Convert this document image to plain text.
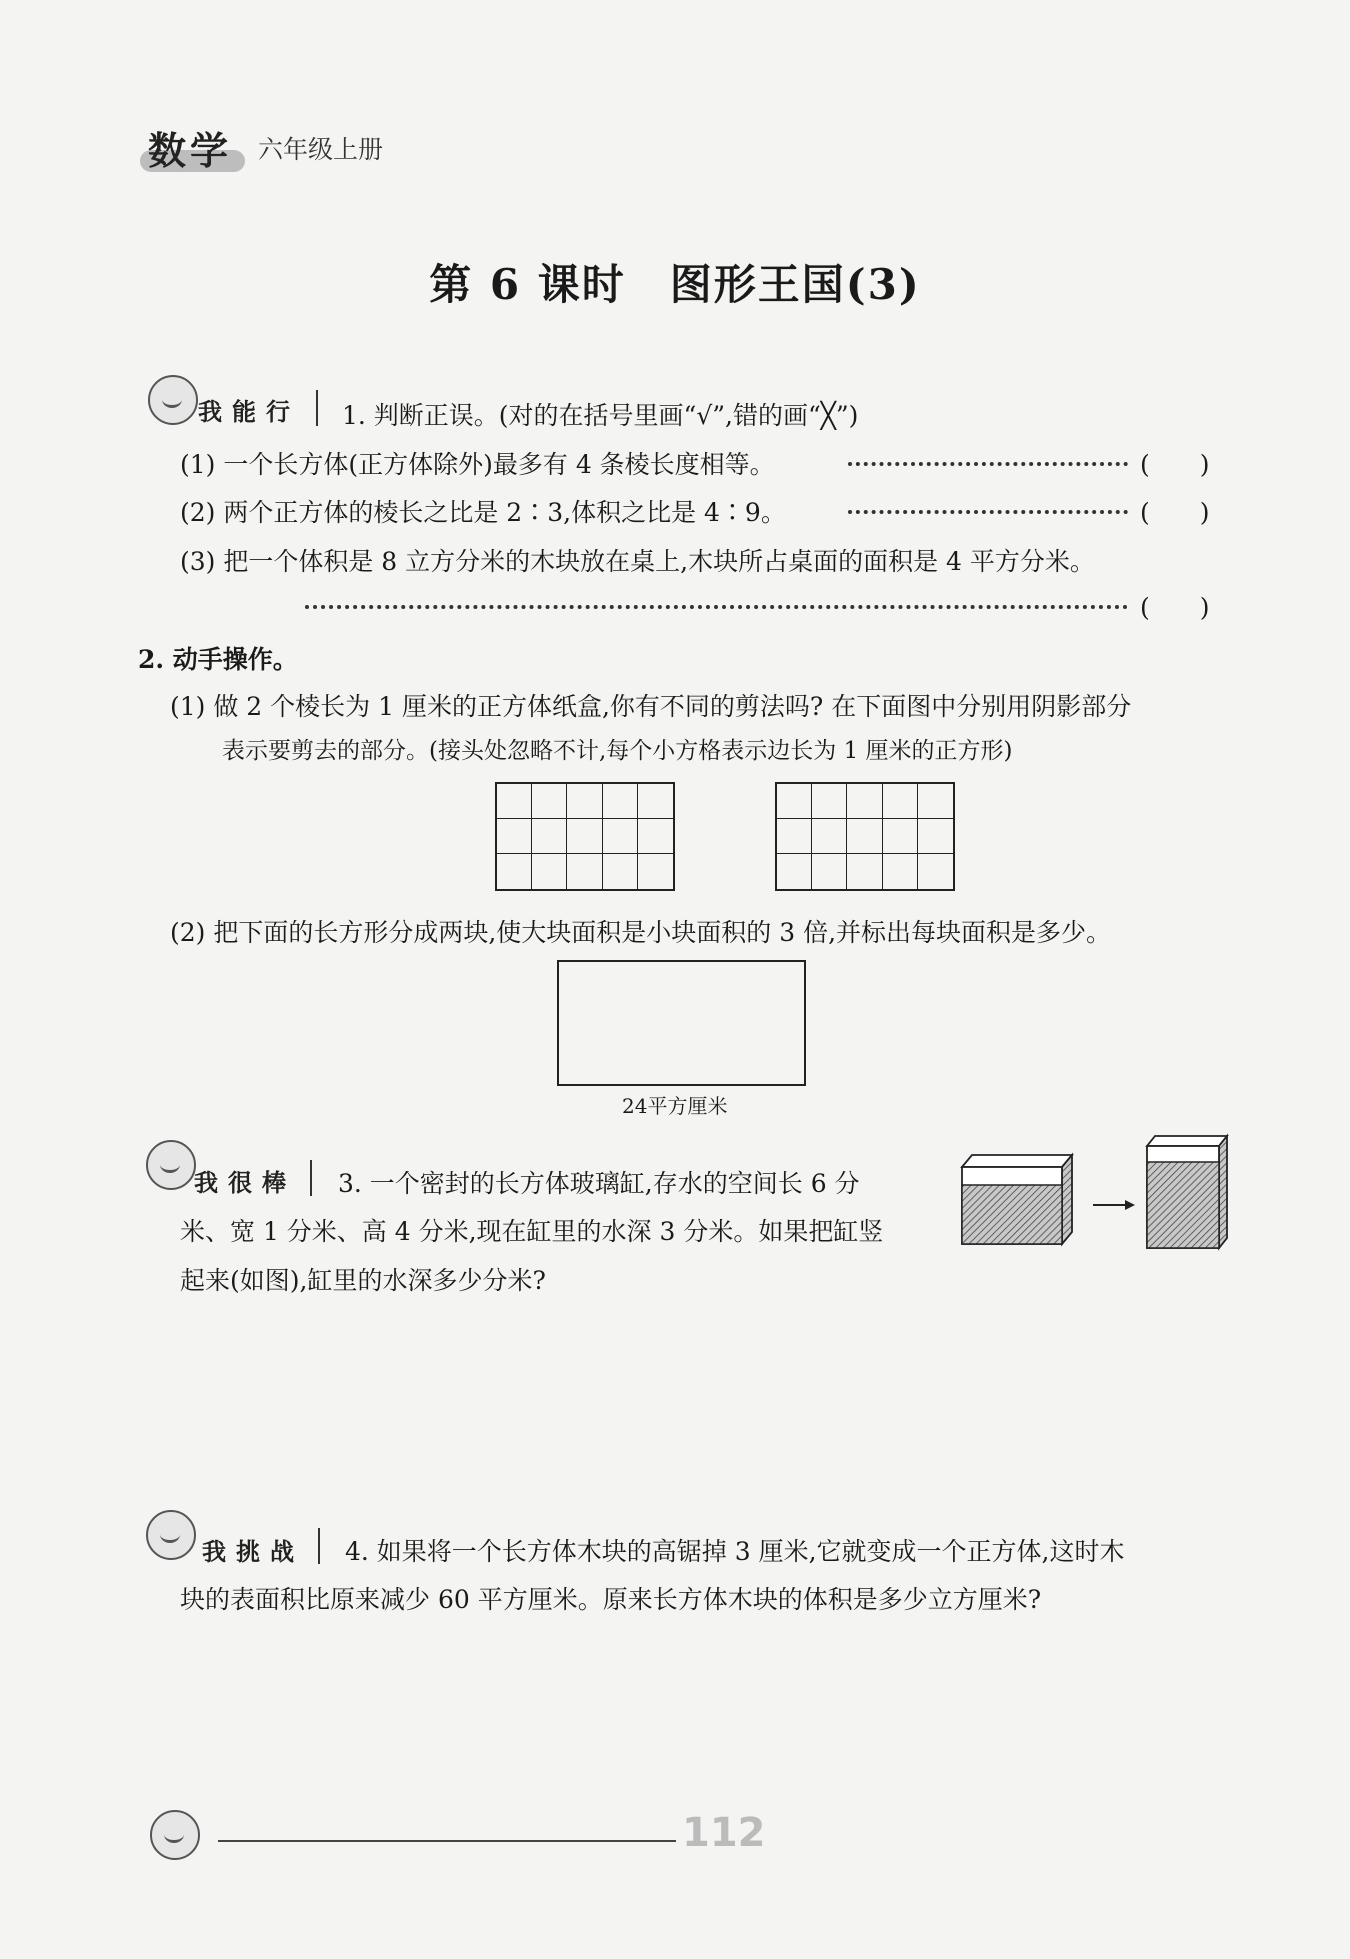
数学 六年级上册
第 6 课时　图形王国(3)
我能行 1. 判断正误。(对的在括号里画“√”,错的画“╳”)
(1) 一个长方体(正方体除外)最多有 4 条棱长度相等。	(　　)
(2) 两个正方体的棱长之比是 2∶3,体积之比是 4∶9。	(　　)
(3) 把一个体积是 8 立方分米的木块放在桌上,木块所占桌面的面积是 4 平方分米。
(　　)
2. 动手操作。
(1) 做 2 个棱长为 1 厘米的正方体纸盒,你有不同的剪法吗? 在下面图中分别用阴影部分
表示要剪去的部分。(接头处忽略不计,每个小方格表示边长为 1 厘米的正方形)
(2) 把下面的长方形分成两块,使大块面积是小块面积的 3 倍,并标出每块面积是多少。
24平方厘米
我很棒 3. 一个密封的长方体玻璃缸,存水的空间长 6 分
米、宽 1 分米、高 4 分米,现在缸里的水深 3 分米。如果把缸竖
起来(如图),缸里的水深多少分米?
我挑战 4. 如果将一个长方体木块的高锯掉 3 厘米,它就变成一个正方体,这时木
块的表面积比原来减少 60 平方厘米。原来长方体木块的体积是多少立方厘米?
112
